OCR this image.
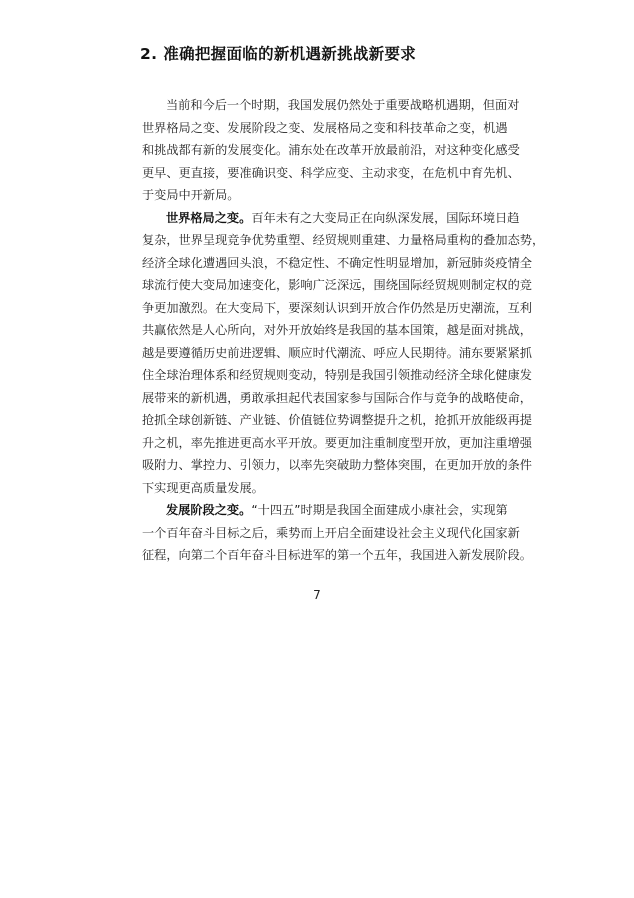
2. 准确把握面临的新机遇新挑战新要求
当前和今后一个时期，我国发展仍然处于重要战略机遇期，但面对
世界格局之变、发展阶段之变、发展格局之变和科技革命之变，机遇
和挑战都有新的发展变化。浦东处在改革开放最前沿，对这种变化感受
更早、更直接，要准确识变、科学应变、主动求变，在危机中育先机、
于变局中开新局。
世界格局之变。百年未有之大变局正在向纵深发展，国际环境日趋
复杂，世界呈现竞争优势重塑、经贸规则重建、力量格局重构的叠加态势，
经济全球化遭遇回头浪，不稳定性、不确定性明显增加，新冠肺炎疫情全
球流行使大变局加速变化，影响广泛深远，围绕国际经贸规则制定权的竞
争更加激烈。在大变局下，要深刻认识到开放合作仍然是历史潮流，互利
共赢依然是人心所向，对外开放始终是我国的基本国策，越是面对挑战，
越是要遵循历史前进逻辑、顺应时代潮流、呼应人民期待。浦东要紧紧抓
住全球治理体系和经贸规则变动，特别是我国引领推动经济全球化健康发
展带来的新机遇，勇敢承担起代表国家参与国际合作与竞争的战略使命，
抢抓全球创新链、产业链、价值链位势调整提升之机，抢抓开放能级再提
升之机，率先推进更高水平开放。要更加注重制度型开放，更加注重增强
吸附力、掌控力、引领力，以率先突破助力整体突围，在更加开放的条件
下实现更高质量发展。
发展阶段之变。“十四五”时期是我国全面建成小康社会，实现第
一个百年奋斗目标之后，乘势而上开启全面建设社会主义现代化国家新
征程，向第二个百年奋斗目标进军的第一个五年，我国进入新发展阶段。
7
